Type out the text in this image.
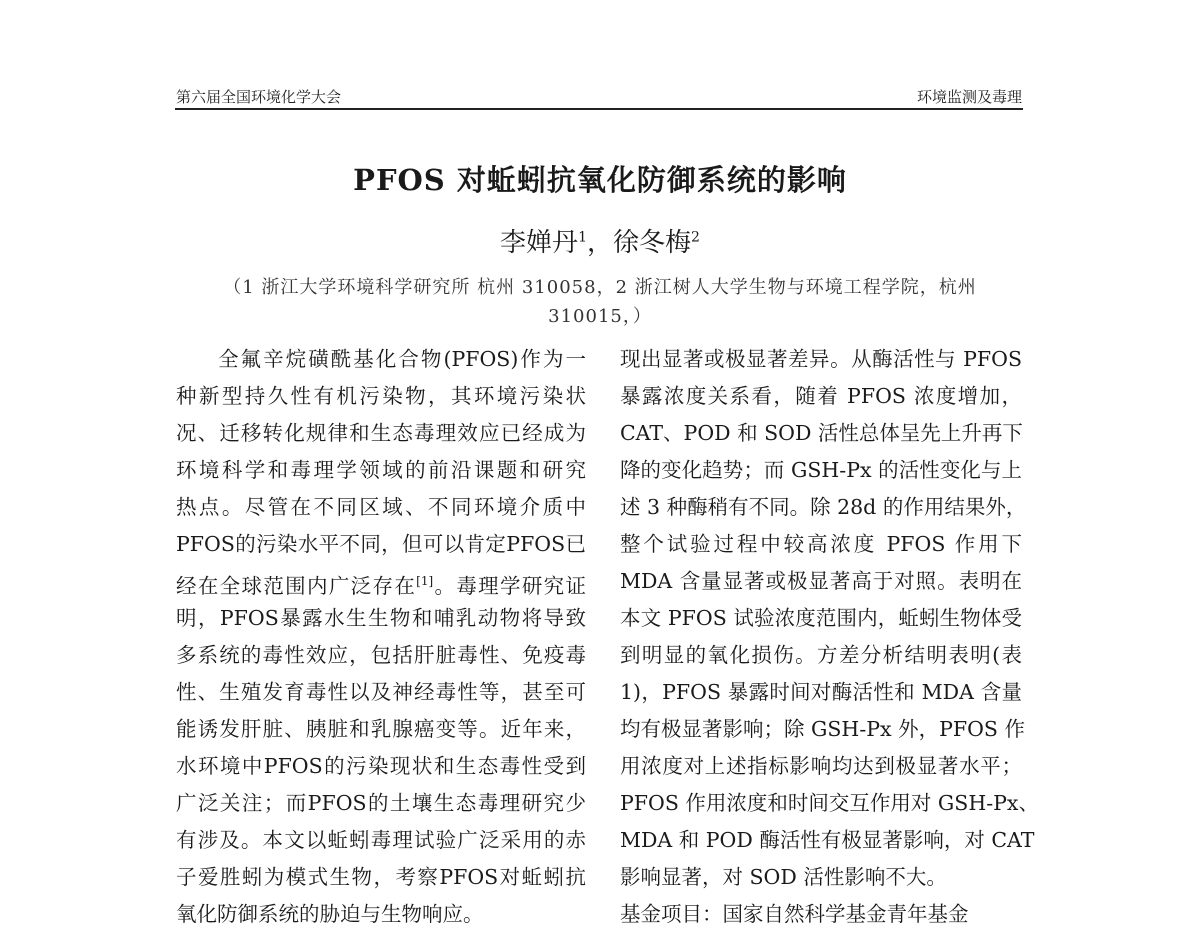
第六届全国环境化学大会	环境监测及毒理
PFOS 对蚯蚓抗氧化防御系统的影响
李婵丹$^1$，徐冬梅$^2$
（1 浙江大学环境科学研究所 杭州 310058，2 浙江树人大学生物与环境工程学院，杭州
310015，）
全氟辛烷磺酰基化合物(PFOS)作为一
种新型持久性有机污染物，其环境污染状
况、迁移转化规律和生态毒理效应已经成为
环境科学和毒理学领域的前沿课题和研究
热点。尽管在不同区域、不同环境介质中
PFOS的污染水平不同，但可以肯定PFOS已
经在全球范围内广泛存在[1]。毒理学研究证
明，PFOS暴露水生生物和哺乳动物将导致
多系统的毒性效应，包括肝脏毒性、免疫毒
性、生殖发育毒性以及神经毒性等，甚至可
能诱发肝脏、胰脏和乳腺癌变等。近年来，
水环境中PFOS的污染现状和生态毒性受到
广泛关注；而PFOS的土壤生态毒理研究少
有涉及。本文以蚯蚓毒理试验广泛采用的赤
子爱胜蚓为模式生物，考察PFOS对蚯蚓抗
氧化防御系统的胁迫与生物响应。
现出显著或极显著差异。从酶活性与 PFOS
暴露浓度关系看，随着 PFOS 浓度增加，
CAT、POD 和 SOD 活性总体呈先上升再下
降的变化趋势；而 GSH-Px 的活性变化与上
述 3 种酶稍有不同。除 28d 的作用结果外，
整个试验过程中较高浓度 PFOS 作用下
MDA 含量显著或极显著高于对照。表明在
本文 PFOS 试验浓度范围内，蚯蚓生物体受
到明显的氧化损伤。方差分析结明表明(表
1)，PFOS 暴露时间对酶活性和 MDA 含量
均有极显著影响；除 GSH-Px 外，PFOS 作
用浓度对上述指标影响均达到极显著水平；
PFOS 作用浓度和时间交互作用对 GSH-Px、
MDA 和 POD 酶活性有极显著影响，对 CAT
影响显著，对 SOD 活性影响不大。
基金项目：国家自然科学基金青年基金
